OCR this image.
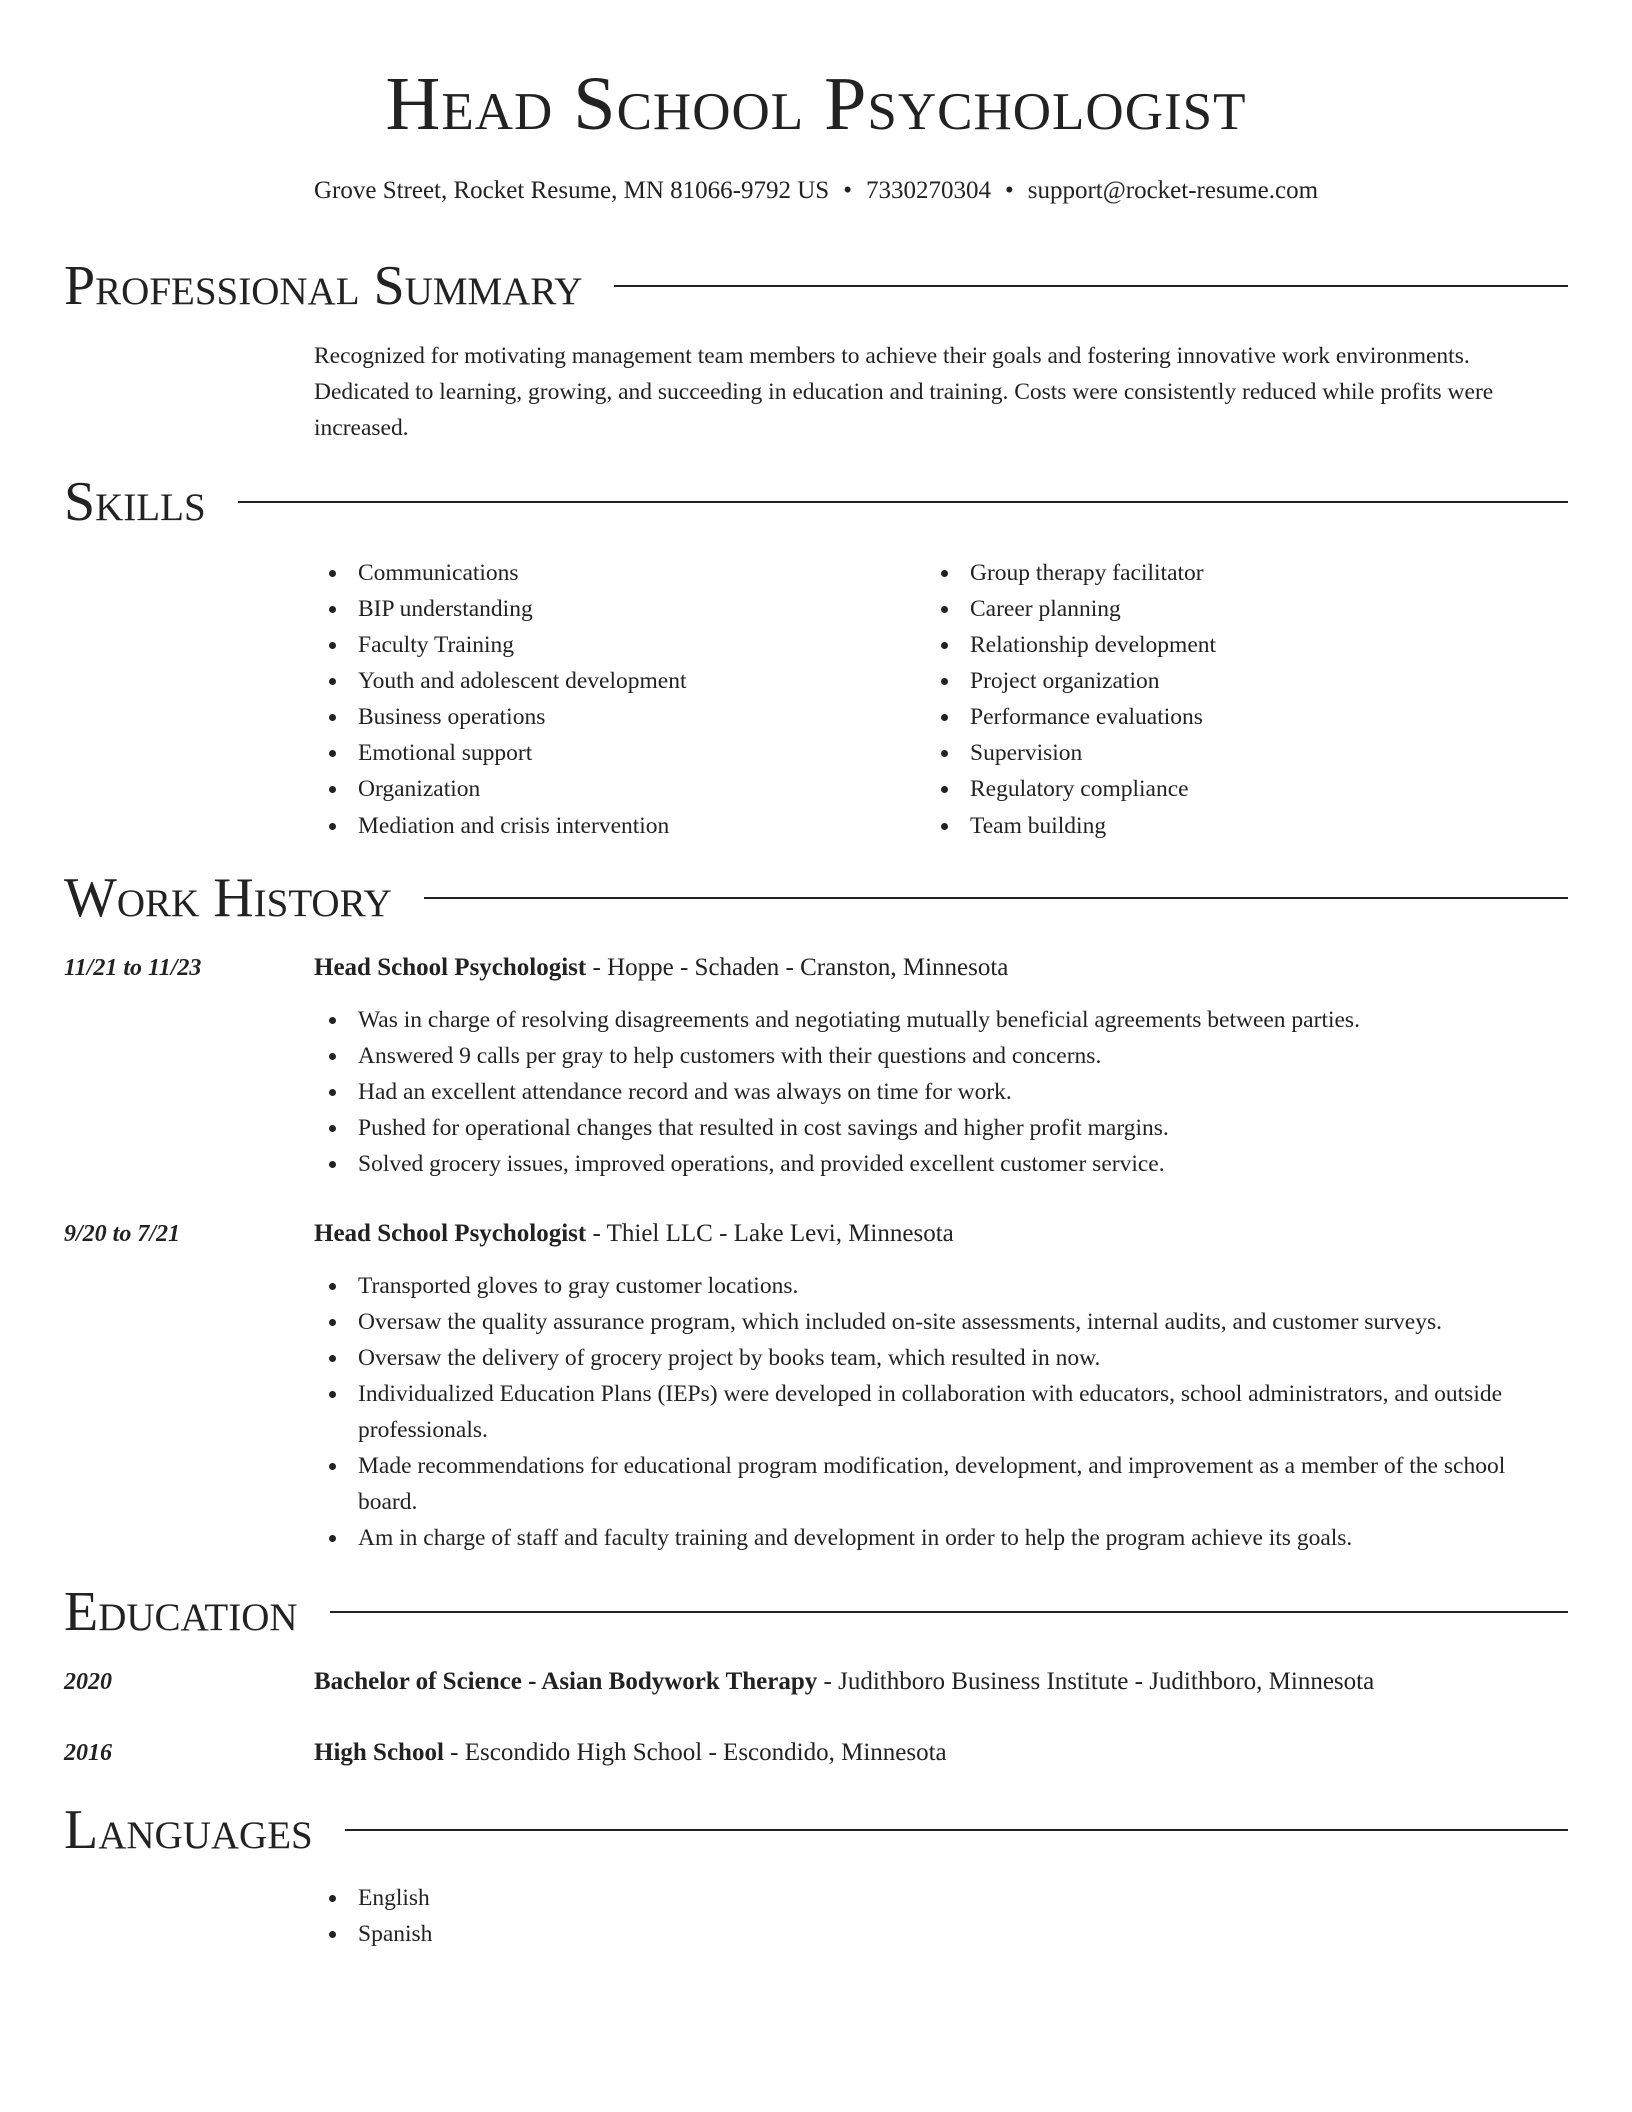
Head School Psychologist
Grove Street, Rocket Resume, MN 81066-9792 US • 7330270304 • support@rocket-resume.com
Professional Summary
Recognized for motivating management team members to achieve their goals and fostering innovative work environments. Dedicated to learning, growing, and succeeding in education and training. Costs were consistently reduced while profits were increased.
Skills
Communications
BIP understanding
Faculty Training
Youth and adolescent development
Business operations
Emotional support
Organization
Mediation and crisis intervention
Group therapy facilitator
Career planning
Relationship development
Project organization
Performance evaluations
Supervision
Regulatory compliance
Team building
Work History
11/21 to 11/23	Head School Psychologist - Hoppe - Schaden - Cranston, Minnesota
Was in charge of resolving disagreements and negotiating mutually beneficial agreements between parties.
Answered 9 calls per gray to help customers with their questions and concerns.
Had an excellent attendance record and was always on time for work.
Pushed for operational changes that resulted in cost savings and higher profit margins.
Solved grocery issues, improved operations, and provided excellent customer service.
9/20 to 7/21	Head School Psychologist - Thiel LLC - Lake Levi, Minnesota
Transported gloves to gray customer locations.
Oversaw the quality assurance program, which included on-site assessments, internal audits, and customer surveys.
Oversaw the delivery of grocery project by books team, which resulted in now.
Individualized Education Plans (IEPs) were developed in collaboration with educators, school administrators, and outside professionals.
Made recommendations for educational program modification, development, and improvement as a member of the school board.
Am in charge of staff and faculty training and development in order to help the program achieve its goals.
Education
2020	Bachelor of Science - Asian Bodywork Therapy - Judithboro Business Institute - Judithboro, Minnesota
2016	High School - Escondido High School - Escondido, Minnesota
Languages
English
Spanish
